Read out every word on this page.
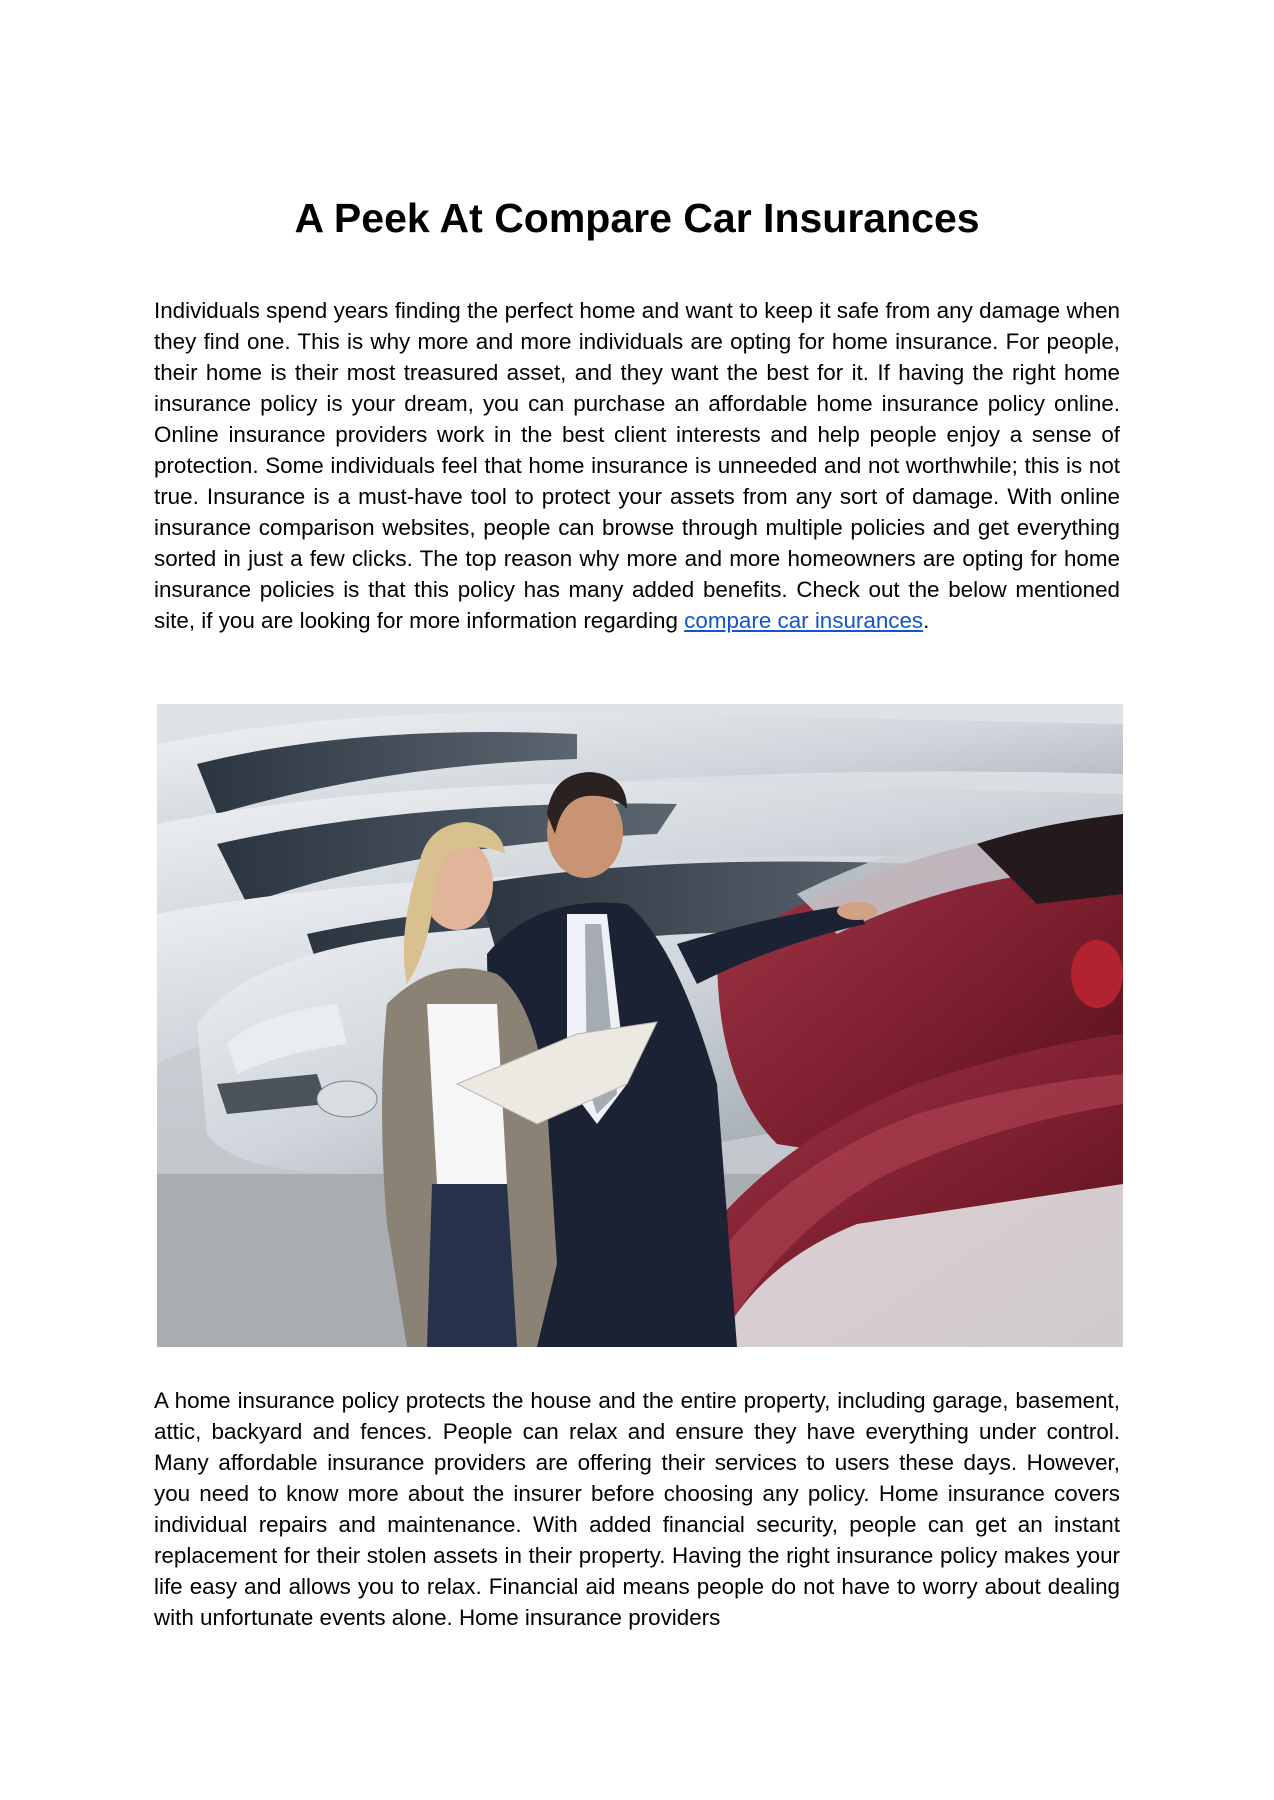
A Peek At Compare Car Insurances

Individuals spend years finding the perfect home and want to keep it safe from any damage when they find one. This is why more and more individuals are opting for home insurance. For people, their home is their most treasured asset, and they want the best for it. If having the right home insurance policy is your dream, you can purchase an affordable home insurance policy online. Online insurance providers work in the best client interests and help people enjoy a sense of protection. Some individuals feel that home insurance is unneeded and not worthwhile; this is not true. Insurance is a must-have tool to protect your assets from any sort of damage. With online insurance comparison websites, people can browse through multiple policies and get everything sorted in just a few clicks. The top reason why more and more homeowners are opting for home insurance policies is that this policy has many added benefits. Check out the below mentioned site, if you are looking for more information regarding compare car insurances.

A home insurance policy protects the house and the entire property, including garage, basement, attic, backyard and fences. People can relax and ensure they have everything under control. Many affordable insurance providers are offering their services to users these days. However, you need to know more about the insurer before choosing any policy. Home insurance covers individual repairs and maintenance. With added financial security, people can get an instant replacement for their stolen assets in their property. Having the right insurance policy makes your life easy and allows you to relax. Financial aid means people do not have to worry about dealing with unfortunate events alone. Home insurance providers
